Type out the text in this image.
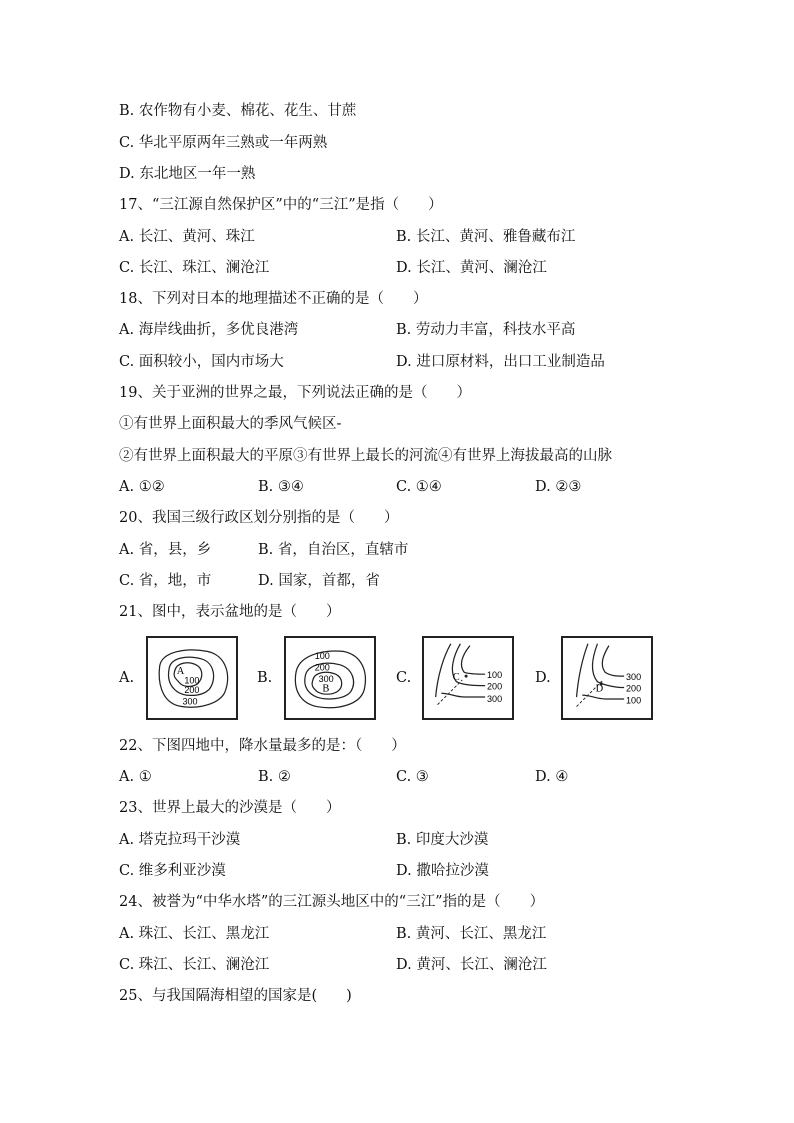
B. 农作物有小麦、棉花、花生、甘蔗
C. 华北平原两年三熟或一年两熟
D. 东北地区一年一熟
17、“三江源自然保护区”中的“三江”是指（　　）
A. 长江、黄河、珠江	B. 长江、黄河、雅鲁藏布江
C. 长江、珠江、澜沧江	D. 长江、黄河、澜沧江
18、下列对日本的地理描述不正确的是（　　）
A. 海岸线曲折，多优良港湾	B. 劳动力丰富，科技水平高
C. 面积较小，国内市场大	D. 进口原材料，出口工业制造品
19、关于亚洲的世界之最，下列说法正确的是（　　）
①有世界上面积最大的季风气候区-
②有世界上面积最大的平原③有世界上最长的河流④有世界上海拔最高的山脉
A. ①②	B. ③④	C. ①④	D. ②③
20、我国三级行政区划分别指的是（　　）
A. 省，县，乡	B. 省，自治区，直辖市
C. 省，地，市	D. 国家，首都，省
21、图中，表示盆地的是（　　）
A.	A
100
200
300
B.
100
200
300
B
C.	C	100
200
300
D.
D
300
200
100
22、下图四地中，降水量最多的是：（　　）
A. ①	B. ②	C. ③	D. ④
23、世界上最大的沙漠是（　　）
A. 塔克拉玛干沙漠	B. 印度大沙漠
C. 维多利亚沙漠	D. 撒哈拉沙漠
24、被誉为“中华水塔”的三江源头地区中的“三江”指的是（　　）
A. 珠江、长江、黑龙江	B. 黄河、长江、黑龙江
C. 珠江、长江、澜沧江	D. 黄河、长江、澜沧江
25、与我国隔海相望的国家是(　　)
